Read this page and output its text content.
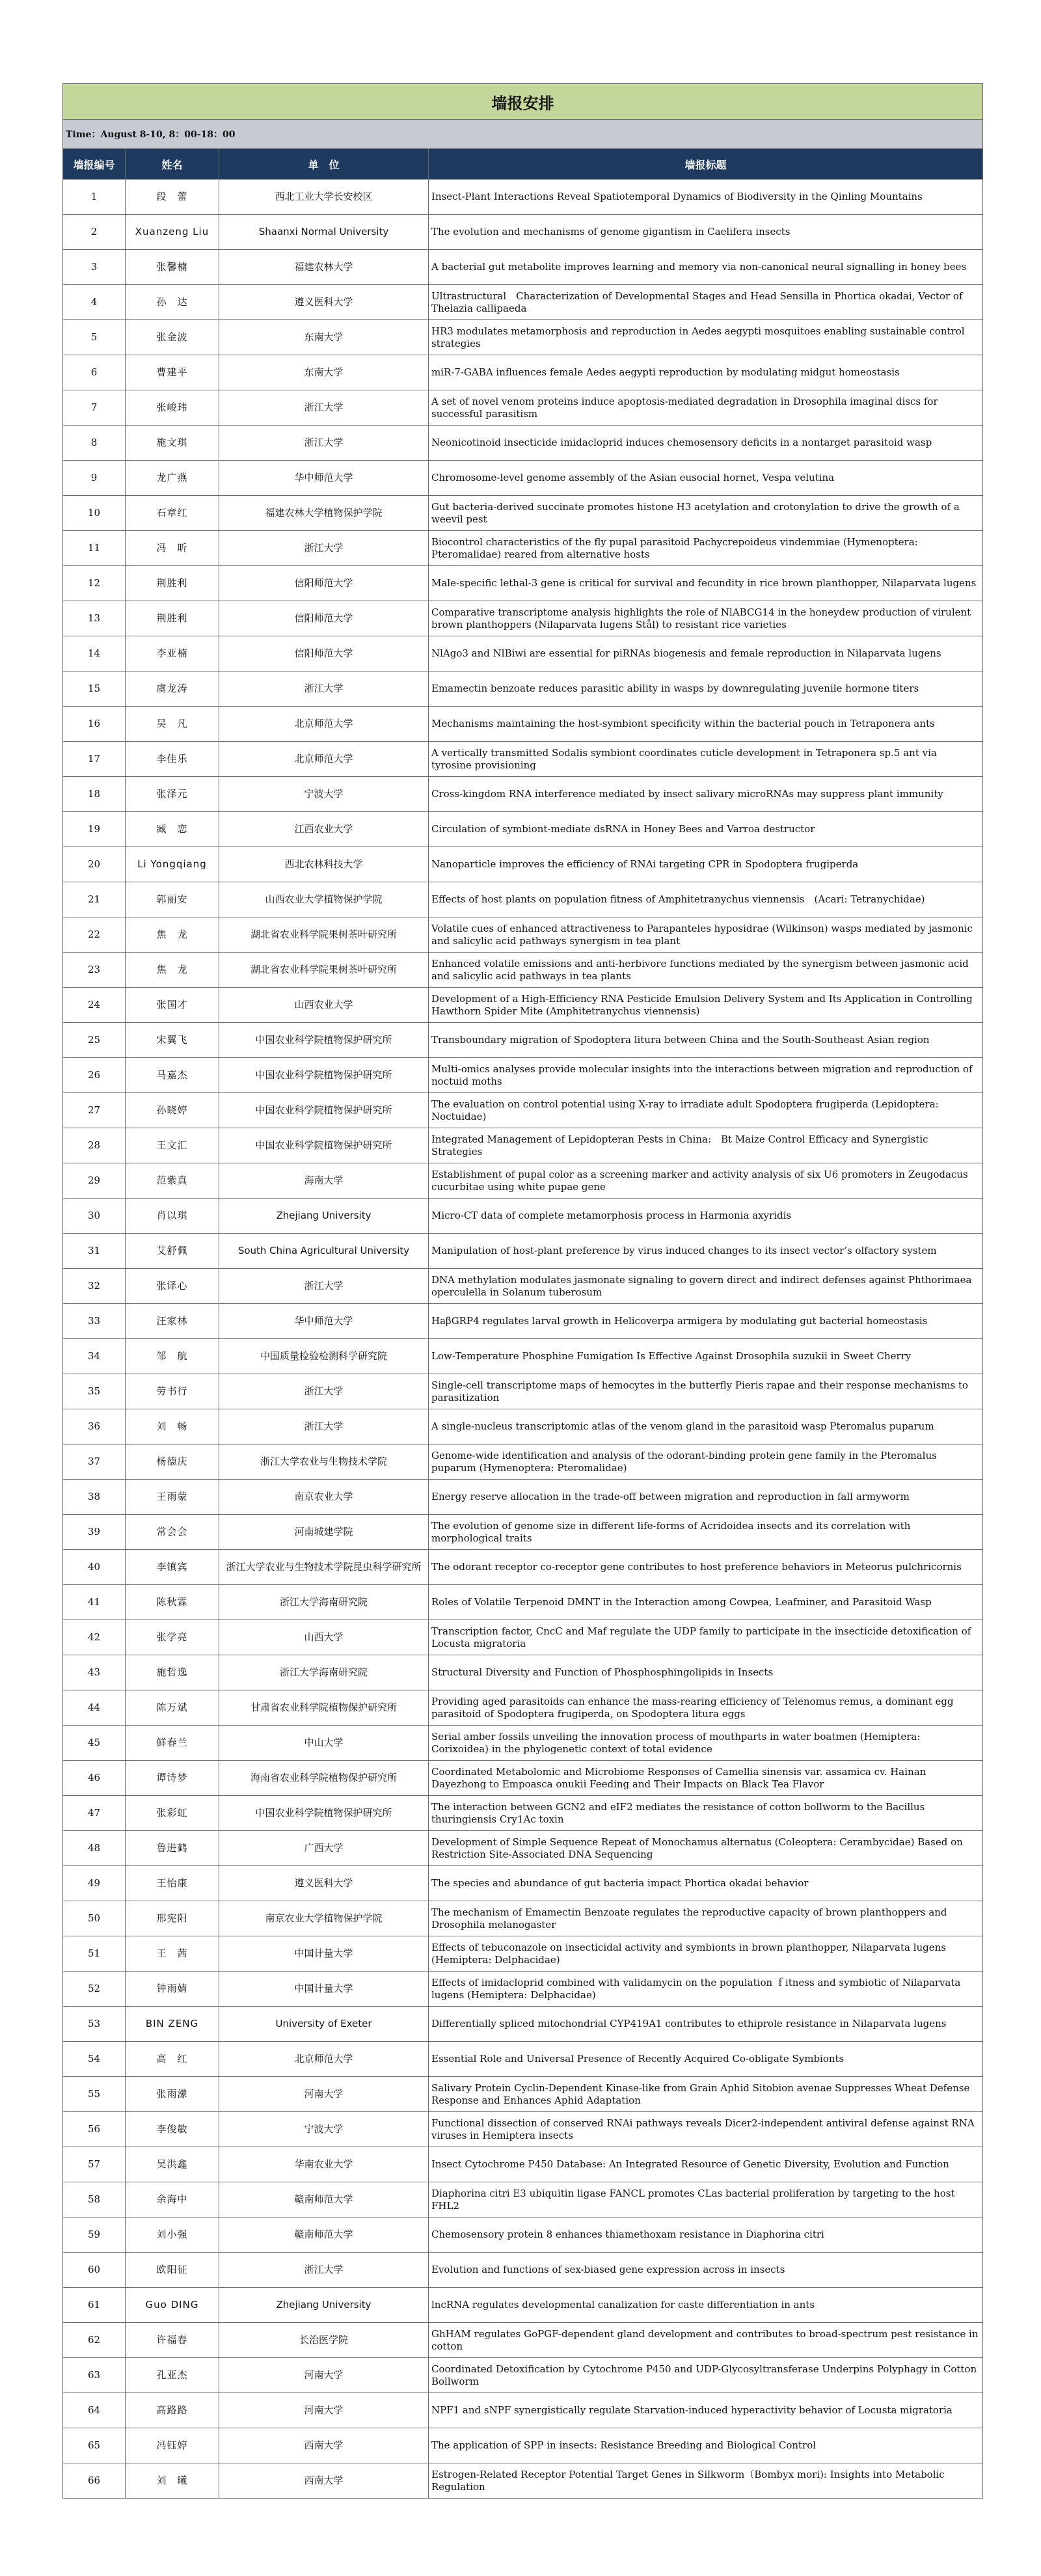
墙报安排			
Time：August 8-10, 8：00-18：00			
墙报编号	姓名	单　位	墙报标题
1	段　蕾	西北工业大学长安校区	Insect-Plant Interactions Reveal Spatiotemporal Dynamics of Biodiversity in the Qinling Mountains
2	Xuanzeng Liu	Shaanxi Normal University	The evolution and mechanisms of genome gigantism in Caelifera insects
3	张馨楠	福建农林大学	A bacterial gut metabolite improves learning and memory via non-canonical neural signalling in honey bees
4	孙　达	遵义医科大学	Ultrastructural　Characterization of Developmental Stages and Head Sensilla in Phortica okadai, Vector of Thelazia callipaeda
5	张金波	东南大学	HR3 modulates metamorphosis and reproduction in Aedes aegypti mosquitoes enabling sustainable control strategies
6	曹建平	东南大学	miR-7-GABA influences female Aedes aegypti reproduction by modulating midgut homeostasis
7	张峻玮	浙江大学	A set of novel venom proteins induce apoptosis-mediated degradation in Drosophila imaginal discs for successful parasitism
8	施文琪	浙江大学	Neonicotinoid insecticide imidacloprid induces chemosensory deficits in a nontarget parasitoid wasp
9	龙广燕	华中师范大学	Chromosome-level genome assembly of the Asian eusocial hornet, Vespa velutina
10	石章红	福建农林大学植物保护学院	Gut bacteria-derived succinate promotes histone H3 acetylation and crotonylation to drive the growth of a weevil pest
11	冯　昕	浙江大学	Biocontrol characteristics of the fly pupal parasitoid Pachycrepoideus vindemmiae (Hymenoptera: Pteromalidae) reared from alternative hosts
12	荆胜利	信阳师范大学	Male-specific lethal-3 gene is critical for survival and fecundity in rice brown planthopper, Nilaparvata lugens
13	荆胜利	信阳师范大学	Comparative transcriptome analysis highlights the role of NlABCG14 in the honeydew production of virulent brown planthoppers (Nilaparvata lugens Stål) to resistant rice varieties
14	李亚楠	信阳师范大学	NlAgo3 and NlBiwi are essential for piRNAs biogenesis and female reproduction in Nilaparvata lugens
15	虞龙涛	浙江大学	Emamectin benzoate reduces parasitic ability in wasps by downregulating juvenile hormone titers
16	吴　凡	北京师范大学	Mechanisms maintaining the host-symbiont specificity within the bacterial pouch in Tetraponera ants
17	李佳乐	北京师范大学	A vertically transmitted Sodalis symbiont coordinates cuticle development in Tetraponera sp.5 ant via tyrosine provisioning
18	张泽元	宁波大学	Cross-kingdom RNA interference mediated by insect salivary microRNAs may suppress plant immunity
19	臧　恋	江西农业大学	Circulation of symbiont-mediate dsRNA in Honey Bees and Varroa destructor
20	Li Yongqiang	西北农林科技大学	Nanoparticle improves the efficiency of RNAi targeting CPR in Spodoptera frugiperda
21	郭丽安	山西农业大学植物保护学院	Effects of host plants on population fitness of Amphitetranychus viennensis　(Acari: Tetranychidae)
22	焦　龙	湖北省农业科学院果树茶叶研究所	Volatile cues of enhanced attractiveness to Parapanteles hyposidrae (Wilkinson) wasps mediated by jasmonic and salicylic acid pathways synergism in tea plant
23	焦　龙	湖北省农业科学院果树茶叶研究所	Enhanced volatile emissions and anti-herbivore functions mediated by the synergism between jasmonic acid and salicylic acid pathways in tea plants
24	张国才	山西农业大学	Development of a High-Efficiency RNA Pesticide Emulsion Delivery System and Its Application in Controlling Hawthorn Spider Mite (Amphitetranychus viennensis)
25	宋翼飞	中国农业科学院植物保护研究所	Transboundary migration of Spodoptera litura between China and the South-Southeast Asian region
26	马嘉杰	中国农业科学院植物保护研究所	Multi-omics analyses provide molecular insights into the interactions between migration and reproduction of noctuid moths
27	孙晓婷	中国农业科学院植物保护研究所	The evaluation on control potential using X-ray to irradiate adult Spodoptera frugiperda (Lepidoptera: Noctuidae)
28	王文汇	中国农业科学院植物保护研究所	Integrated Management of Lepidopteran Pests in China:　Bt Maize Control Efficacy and Synergistic Strategies
29	范紫真	海南大学	Establishment of pupal color as a screening marker and activity analysis of six U6 promoters in Zeugodacus cucurbitae using white pupae gene
30	肖以琪	Zhejiang University	Micro-CT data of complete metamorphosis process in Harmonia axyridis
31	艾舒佩	South China Agricultural University	Manipulation of host-plant preference by virus induced changes to its insect vector’s olfactory system
32	张译心	浙江大学	DNA methylation modulates jasmonate signaling to govern direct and indirect defenses against Phthorimaea operculella in Solanum tuberosum
33	汪家林	华中师范大学	HaβGRP4 regulates larval growth in Helicoverpa armigera by modulating gut bacterial homeostasis
34	邹　航	中国质量检验检测科学研究院	Low-Temperature Phosphine Fumigation Is Effective Against Drosophila suzukii in Sweet Cherry
35	劳书行	浙江大学	Single-cell transcriptome maps of hemocytes in the butterfly Pieris rapae and their response mechanisms to parasitization
36	刘　畅	浙江大学	A single-nucleus transcriptomic atlas of the venom gland in the parasitoid wasp Pteromalus puparum
37	杨德庆	浙江大学农业与生物技术学院	Genome-wide identification and analysis of the odorant-binding protein gene family in the Pteromalus puparum (Hymenoptera: Pteromalidae)
38	王雨蒙	南京农业大学	Energy reserve allocation in the trade-off between migration and reproduction in fall armyworm
39	常会会	河南城建学院	The evolution of genome size in different life-forms of Acridoidea insects and its correlation with morphological traits
40	李镇宾	浙江大学农业与生物技术学院昆虫科学研究所	The odorant receptor co-receptor gene contributes to host preference behaviors in Meteorus pulchricornis
41	陈秋霖	浙江大学海南研究院	Roles of Volatile Terpenoid DMNT in the Interaction among Cowpea, Leafminer, and Parasitoid Wasp
42	张学亮	山西大学	Transcription factor, CncC and Maf regulate the UDP family to participate in the insecticide detoxification of Locusta migratoria
43	施哲逸	浙江大学海南研究院	Structural Diversity and Function of Phosphosphingolipids in Insects
44	陈万斌	甘肃省农业科学院植物保护研究所	Providing aged parasitoids can enhance the mass-rearing efficiency of Telenomus remus, a dominant egg parasitoid of Spodoptera frugiperda, on Spodoptera litura eggs
45	鲜春兰	中山大学	Serial amber fossils unveiling the innovation process of mouthparts in water boatmen (Hemiptera: Corixoidea) in the phylogenetic context of total evidence
46	谭诗梦	海南省农业科学院植物保护研究所	Coordinated Metabolomic and Microbiome Responses of Camellia sinensis var. assamica cv. Hainan Dayezhong to Empoasca onukii Feeding and Their Impacts on Black Tea Flavor
47	张彩虹	中国农业科学院植物保护研究所	The interaction between GCN2 and eIF2 mediates the resistance of cotton bollworm to the Bacillus thuringiensis Cry1Ac toxin
48	鲁进鹤	广西大学	Development of Simple Sequence Repeat of Monochamus alternatus (Coleoptera: Cerambycidae) Based on Restriction Site-Associated DNA Sequencing
49	王怡康	遵义医科大学	The species and abundance of gut bacteria impact Phortica okadai behavior
50	邢宪阳	南京农业大学植物保护学院	The mechanism of Emamectin Benzoate regulates the reproductive capacity of brown planthoppers and Drosophila melanogaster
51	王　茜	中国计量大学	Effects of tebuconazole on insecticidal activity and symbionts in brown planthopper, Nilaparvata lugens (Hemiptera: Delphacidae)
52	钟雨婧	中国计量大学	Effects of imidacloprid combined with validamycin on the population ｆitness and symbiotic of Nilaparvata lugens (Hemiptera: Delphacidae)
53	BIN ZENG	University of Exeter	Differentially spliced mitochondrial CYP419A1 contributes to ethiprole resistance in Nilaparvata lugens
54	高　红	北京师范大学	Essential Role and Universal Presence of Recently Acquired Co-obligate Symbionts
55	张雨濛	河南大学	Salivary Protein Cyclin-Dependent Kinase-like from Grain Aphid Sitobion avenae Suppresses Wheat Defense Response and Enhances Aphid Adaptation
56	李俊敏	宁波大学	Functional dissection of conserved RNAi pathways reveals Dicer2-independent antiviral defense against RNA viruses in Hemiptera insects
57	吴洪鑫	华南农业大学	Insect Cytochrome P450 Database: An Integrated Resource of Genetic Diversity, Evolution and Function
58	余海中	赣南师范大学	Diaphorina citri E3 ubiquitin ligase FANCL promotes CLas bacterial proliferation by targeting to the host FHL2
59	刘小强	赣南师范大学	Chemosensory protein 8 enhances thiamethoxam resistance in Diaphorina citri
60	欧阳征	浙江大学	Evolution and functions of sex-biased gene expression across in insects
61	Guo DING	Zhejiang University	lncRNA regulates developmental canalization for caste differentiation in ants
62	许福春	长治医学院	GhHAM regulates GoPGF-dependent gland development and contributes to broad-spectrum pest resistance in cotton
63	孔亚杰	河南大学	Coordinated Detoxification by Cytochrome P450 and UDP-Glycosyltransferase Underpins Polyphagy in Cotton Bollworm
64	高路路	河南大学	NPF1 and sNPF synergistically regulate Starvation-induced hyperactivity behavior of Locusta migratoria
65	冯钰婷	西南大学	The application of SPP in insects: Resistance Breeding and Biological Control
66	刘　曦	西南大学	Estrogen-Related Receptor Potential Target Genes in Silkworm（Bombyx mori): Insights into Metabolic Regulation
